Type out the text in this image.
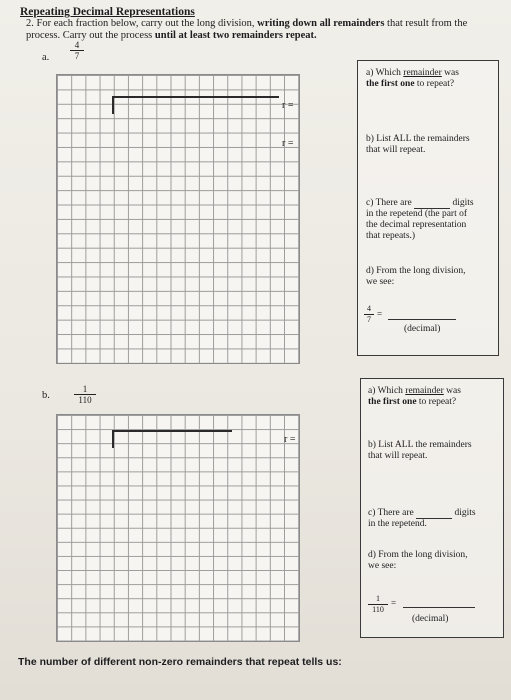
Repeating Decimal Representations
2. For each fraction below, carry out the long division, writing down all remainders that result from the process. Carry out the process until at least two remainders repeat.
a. $\frac{4}{7}$
r =
r =
a) Which remainder was
the first one to repeat?
b) List ALL the remainders
that will repeat.
c) There are	digits
in the repetend (the part of
the decimal representation
that repeats.)
d) From the long division,
we see:
$\frac{4}{7}$ =
(decimal)
b.	$\frac{1}{110}$
r =
a) Which remainder was
the first one to repeat?
b) List ALL the remainders
that will repeat.
c) There are	digits
in the repetend.
d) From the long division,
we see:
$\frac{1}{110}$ =
(decimal)
The number of different non-zero remainders that repeat tells us:
